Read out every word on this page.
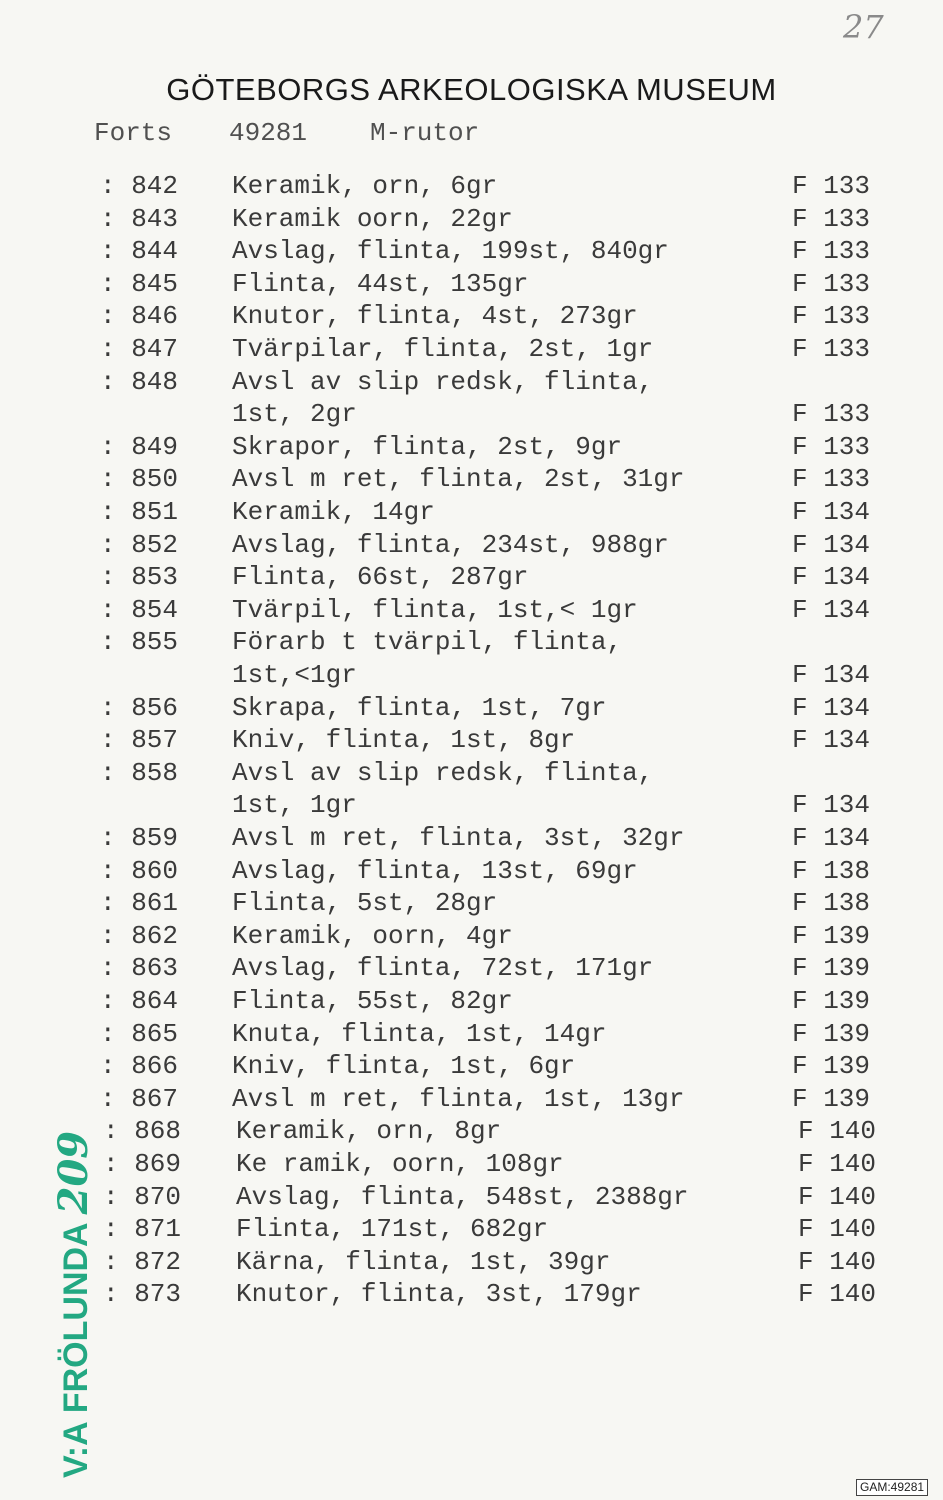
27
GÖTEBORGS ARKEOLOGISKA MUSEUM
Forts 49281 M-rutor
: 842 Keramik, orn, 6gr	F 133
: 843 Keramik oorn, 22gr	F 133
: 844 Avslag, flinta, 199st, 840gr	F 133
: 845 Flinta, 44st, 135gr	F 133
: 846 Knutor, flinta, 4st, 273gr	F 133
: 847 Tvärpilar, flinta, 2st, 1gr	F 133
: 848 Avsl av slip redsk, flinta,
1st, 2gr	F 133
: 849 Skrapor, flinta, 2st, 9gr	F 133
: 850 Avsl m ret, flinta, 2st, 31gr	F 133
: 851 Keramik, 14gr	F 134
: 852 Avslag, flinta, 234st, 988gr	F 134
: 853 Flinta, 66st, 287gr	F 134
: 854 Tvärpil, flinta, 1st,< 1gr	F 134
: 855 Förarb t tvärpil, flinta,
1st,<1gr	F 134
: 856 Skrapa, flinta, 1st, 7gr	F 134
: 857 Kniv, flinta, 1st, 8gr	F 134
: 858 Avsl av slip redsk, flinta,
1st, 1gr	F 134
: 859 Avsl m ret, flinta, 3st, 32gr	F 134
: 860 Avslag, flinta, 13st, 69gr	F 138
: 861 Flinta, 5st, 28gr	F 138
: 862 Keramik, oorn, 4gr	F 139
: 863 Avslag, flinta, 72st, 171gr	F 139
: 864 Flinta, 55st, 82gr	F 139
: 865 Knuta, flinta, 1st, 14gr	F 139
: 866 Kniv, flinta, 1st, 6gr	F 139
: 867 Avsl m ret, flinta, 1st, 13gr	F 139
: 868 Keramik, orn, 8gr	F 140
: 869 Ke ramik, oorn, 108gr	F 140
: 870 Avslag, flinta, 548st, 2388gr	F 140
: 871 Flinta, 171st, 682gr	F 140
: 872 Kärna, flinta, 1st, 39gr	F 140
: 873 Knutor, flinta, 3st, 179gr	F 140
V:A FRÖLUNDA209
GAM:49281
